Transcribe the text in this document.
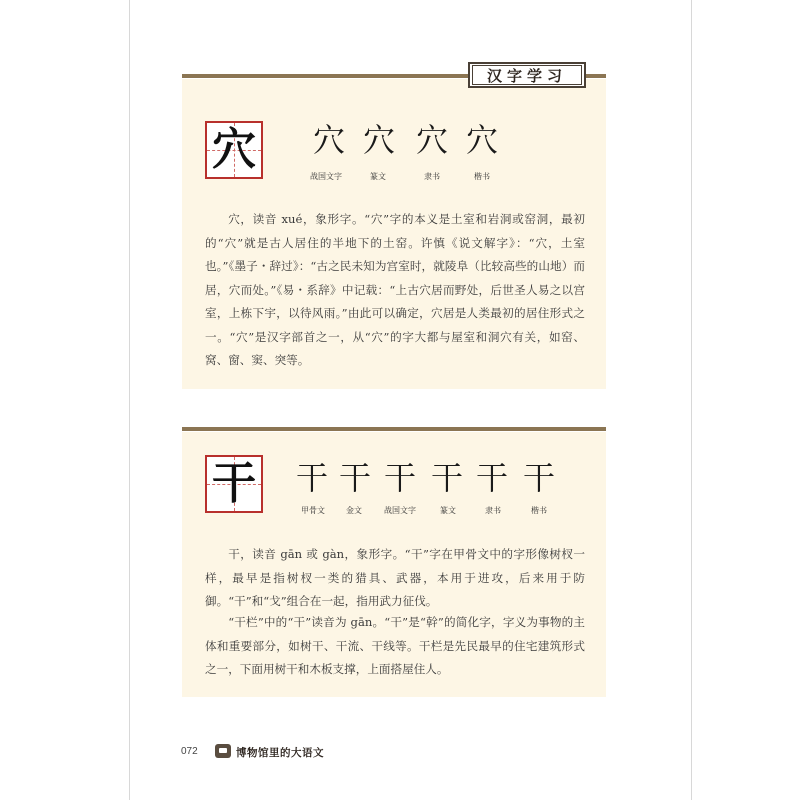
汉字学习
穴 穴 穴 穴 穴
战国文字	篆文	隶书	楷书

穴，读音 xué，象形字。“穴”字的本义是土室和岩洞或窑洞，最初的“穴”就是古人居住的半地下的土窑。许慎《说文解字》：“穴，土室也。”《墨子・辞过》：“古之民未知为宫室时，就陵阜（比较高些的山地）而居，穴而处。”《易・系辞》中记载：“上古穴居而野处，后世圣人易之以宫室，上栋下宇，以待风雨。”由此可以确定，穴居是人类最初的居住形式之一。“穴”是汉字部首之一，从“穴”的字大都与屋室和洞穴有关，如窑、窝、窗、窦、突等。

干 干 干 干 干 干 干
甲骨文	金文	战国文字	篆文	隶书	楷书

干，读音 gān 或 gàn，象形字。“干”字在甲骨文中的字形像树杈一样，最早是指树杈一类的猎具、武器，本用于进攻，后来用于防御。“干”和“戈”组合在一起，指用武力征伐。

“干栏”中的“干”读音为 gān。“干”是“幹”的简化字，字义为事物的主体和重要部分，如树干、干流、干线等。干栏是先民最早的住宅建筑形式之一，下面用树干和木板支撑，上面搭屋住人。

072	博物馆里的大语文
